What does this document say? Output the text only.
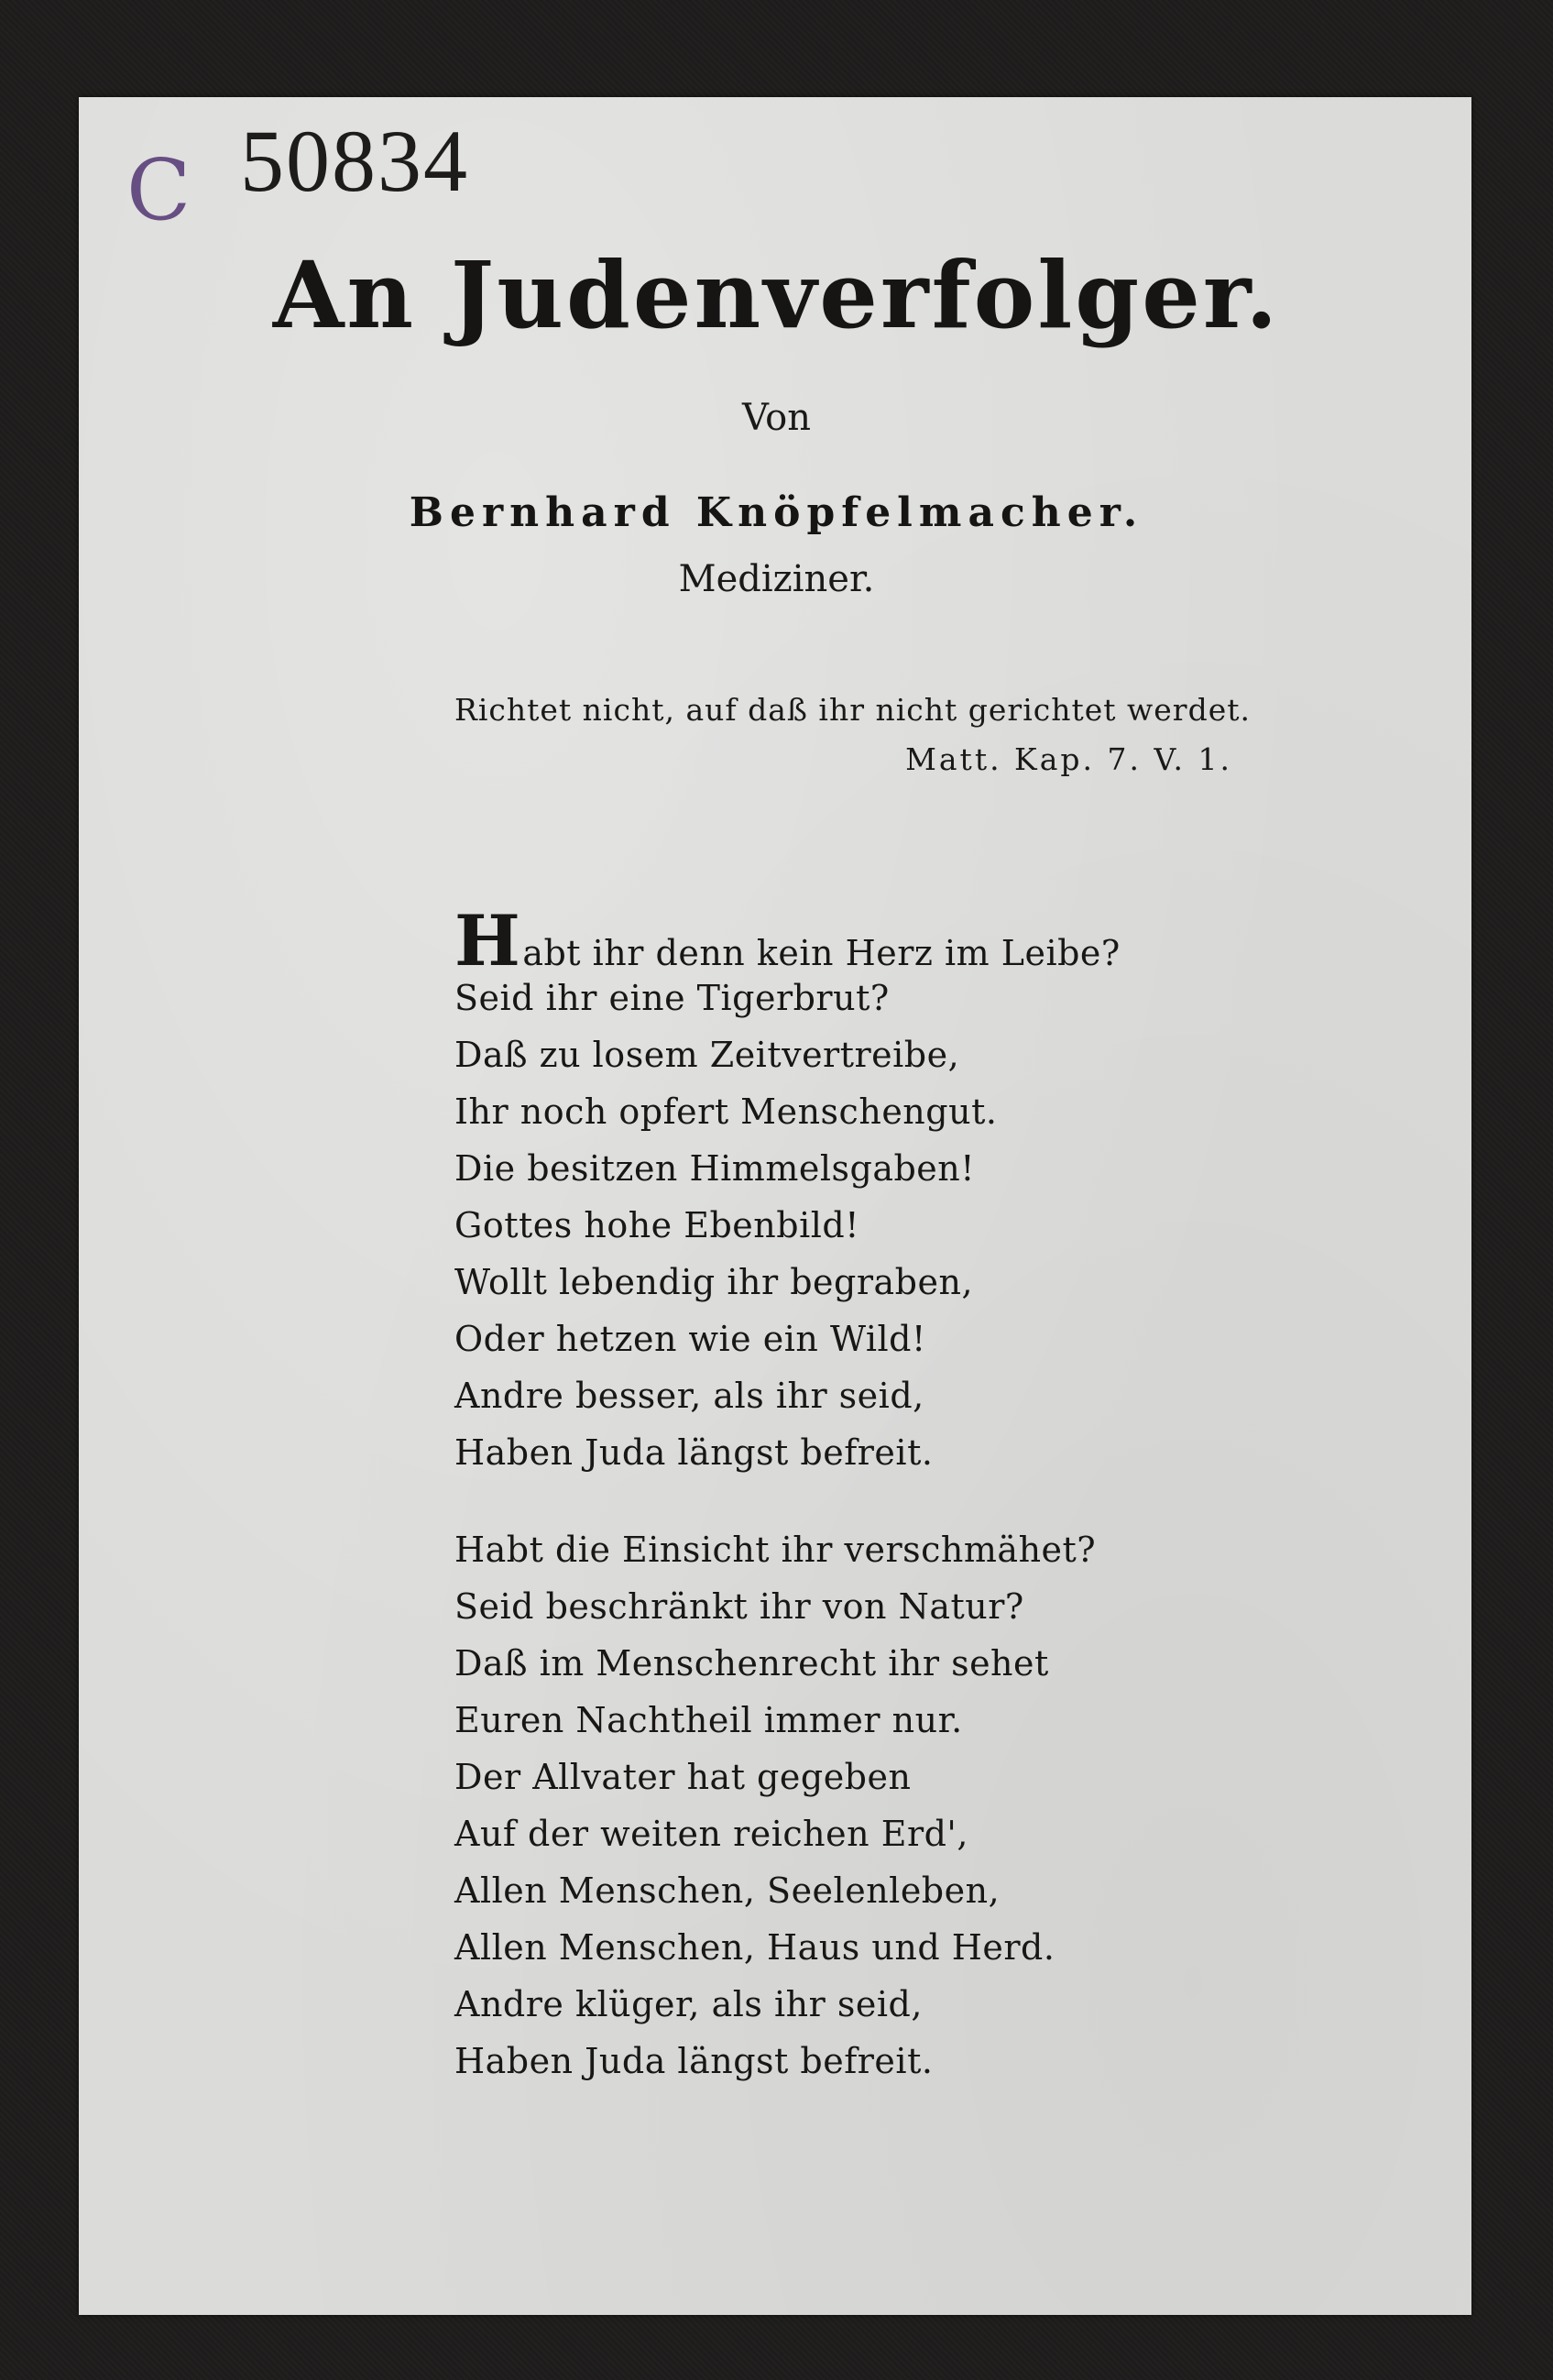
C 50834
An Judenverfolger.
Von
Bernhard Knöpfelmacher.
Mediziner.
Richtet nicht, auf daß ihr nicht gerichtet werdet.
Matt. Kap. 7. V. 1.
Habt ihr denn kein Herz im Leibe?
Seid ihr eine Tigerbrut?
Daß zu losem Zeitvertreibe,
Ihr noch opfert Menschengut.
Die besitzen Himmelsgaben!
Gottes hohe Ebenbild!
Wollt lebendig ihr begraben,
Oder hetzen wie ein Wild!
Andre besser, als ihr seid,
Haben Juda längst befreit.
Habt die Einsicht ihr verschmähet?
Seid beschränkt ihr von Natur?
Daß im Menschenrecht ihr sehet
Euren Nachtheil immer nur.
Der Allvater hat gegeben
Auf der weiten reichen Erd',
Allen Menschen, Seelenleben,
Allen Menschen, Haus und Herd.
Andre klüger, als ihr seid,
Haben Juda längst befreit.
